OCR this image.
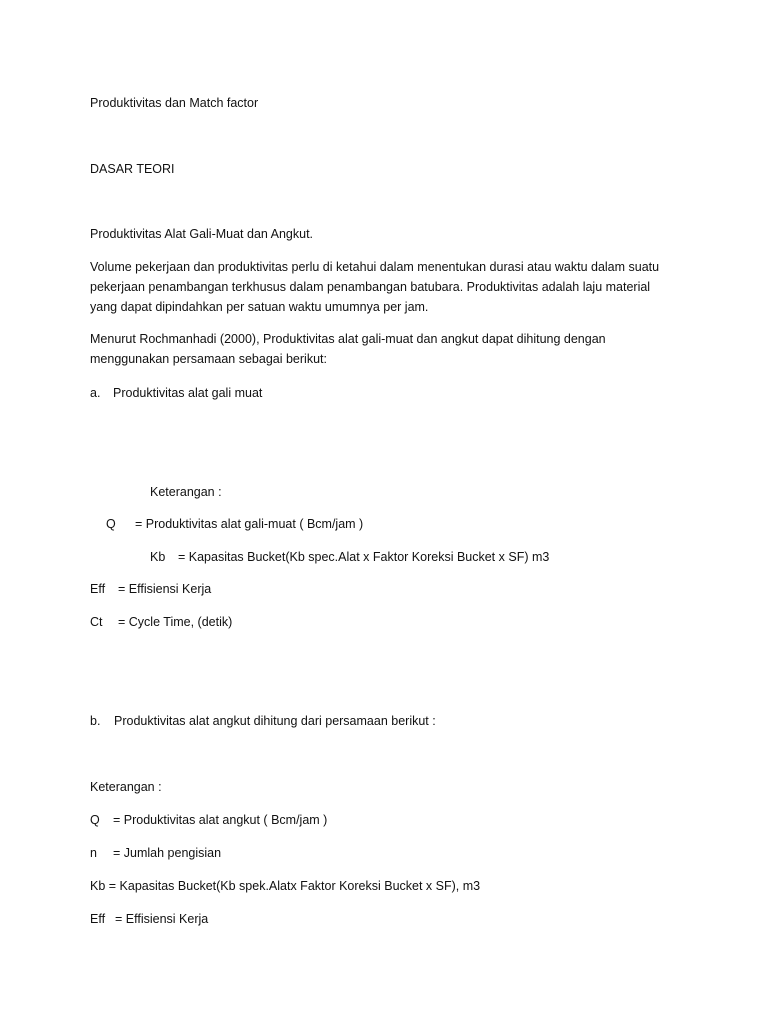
Produktivitas dan Match factor
DASAR TEORI
Produktivitas Alat Gali-Muat dan Angkut.
Volume pekerjaan dan produktivitas perlu di ketahui dalam menentukan durasi atau waktu dalam suatu
pekerjaan penambangan terkhusus dalam penambangan batubara. Produktivitas adalah laju material
yang dapat dipindahkan per satuan waktu umumnya per jam.
Menurut Rochmanhadi (2000), Produktivitas alat gali-muat dan angkut dapat dihitung dengan
menggunakan persamaan sebagai berikut:
a. Produktivitas alat gali muat
Keterangan :
Q = Produktivitas alat gali-muat ( Bcm/jam )
Kb = Kapasitas Bucket(Kb spec.Alat x Faktor Koreksi Bucket x SF) m3
Eff = Effisiensi Kerja
Ct = Cycle Time, (detik)
b. Produktivitas alat angkut dihitung dari persamaan berikut :
Keterangan :
Q = Produktivitas alat angkut ( Bcm/jam )
n = Jumlah pengisian
Kb = Kapasitas Bucket(Kb spek.Alatx Faktor Koreksi Bucket x SF), m3
Eff = Effisiensi Kerja
